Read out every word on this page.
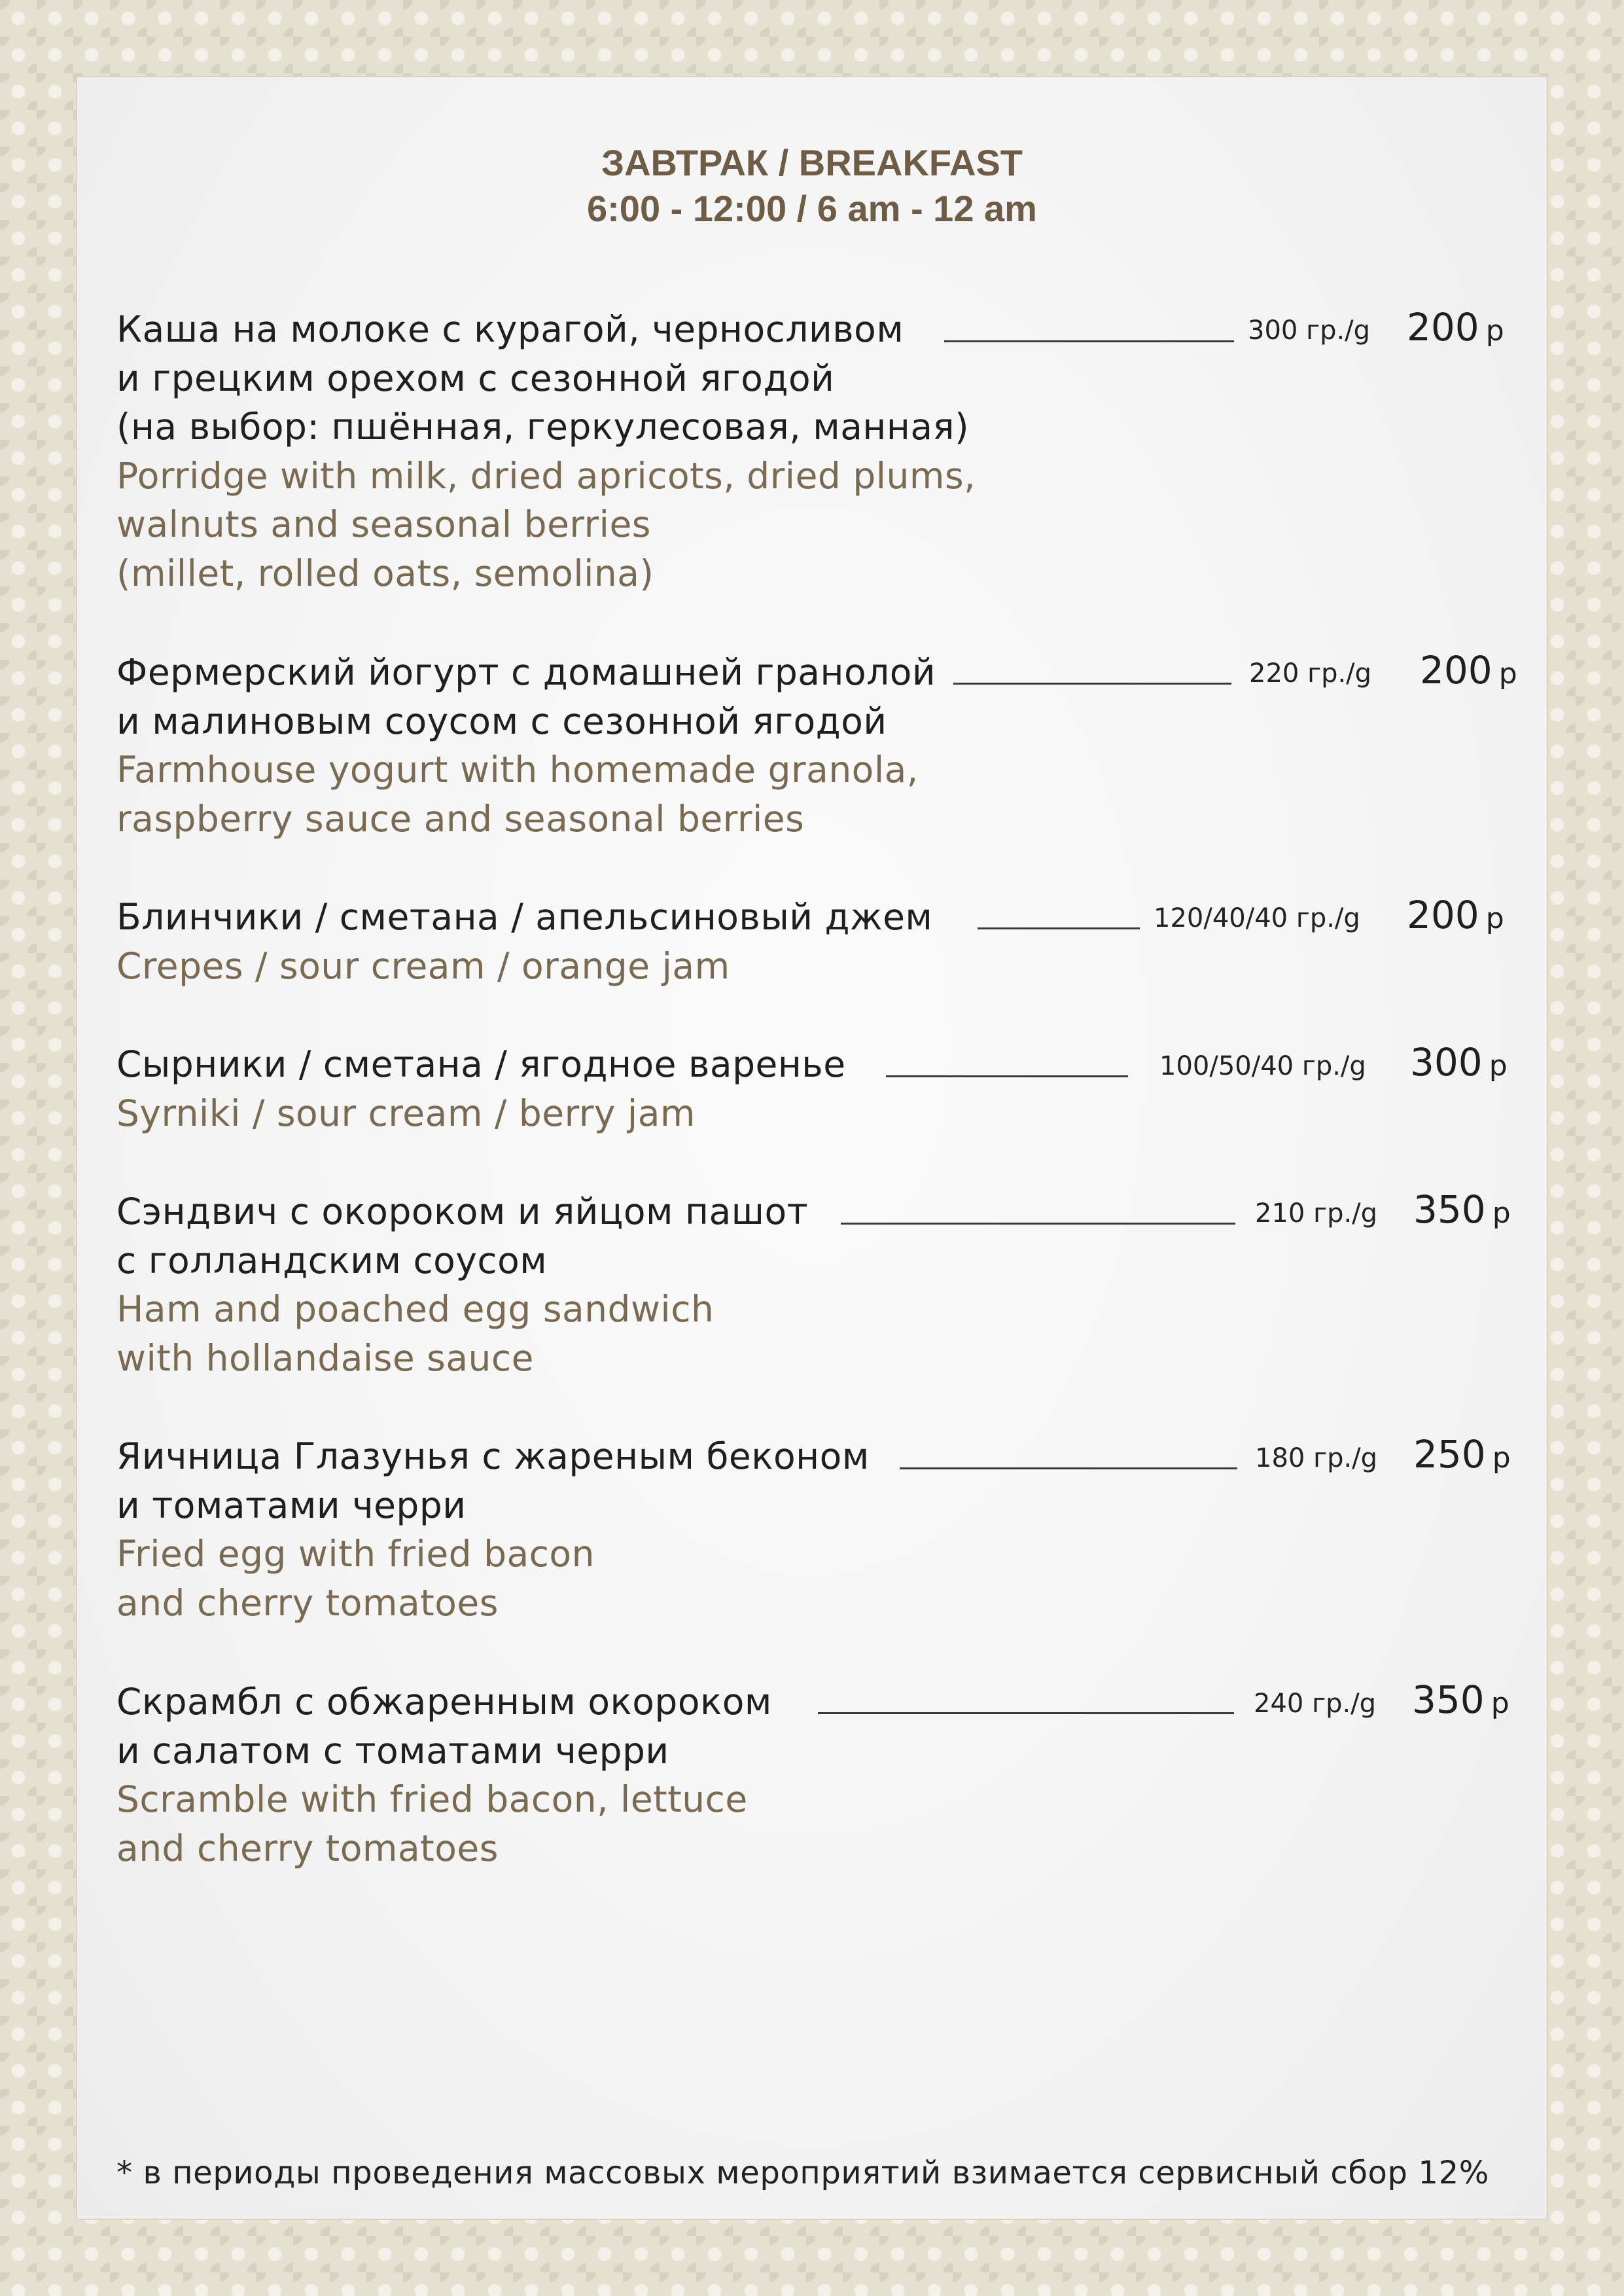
ЗАВТРАК / BREAKFAST
6:00 - 12:00 / 6 am - 12 am
Каша на молоке с курагой, черносливом
и грецким орехом с сезонной ягодой
(на выбор: пшённая, геркулесовая, манная)
Porridge with milk, dried apricots, dried plums,
walnuts and seasonal berries
(millet, rolled oats, semolina)
300 гр./g 200 р
Фермерский йогурт с домашней гранолой
и малиновым соусом с сезонной ягодой
Farmhouse yogurt with homemade granola,
raspberry sauce and seasonal berries
220 гр./g 200 р
Блинчики / сметана / апельсиновый джем
Crepes / sour cream / orange jam
120/40/40 гр./g 200 р
Сырники / сметана / ягодное варенье
Syrniki / sour cream / berry jam
100/50/40 гр./g 300 р
Сэндвич с окороком и яйцом пашот
с голландским соусом
Ham and poached egg sandwich
with hollandaise sauce
210 гр./g 350 р
Яичница Глазунья с жареным беконом
и томатами черри
Fried egg with fried bacon
and cherry tomatoes
180 гр./g 250 р
Скрамбл с обжаренным окороком
и салатом с томатами черри
Scramble with fried bacon, lettuce
and cherry tomatoes
240 гр./g 350 р
* в периоды проведения массовых мероприятий взимается сервисный сбор 12%
